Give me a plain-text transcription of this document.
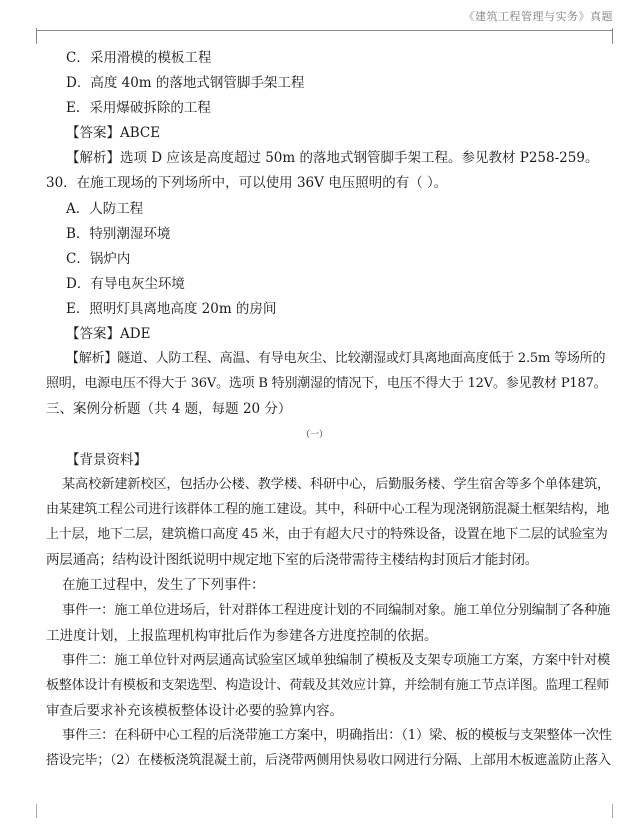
《建筑工程管理与实务》真题
C．采用滑模的模板工程
D．高度 40m 的落地式钢管脚手架工程
E．采用爆破拆除的工程
【答案】ABCE
【解析】选项 D 应该是高度超过 50m 的落地式钢管脚手架工程。参见教材 P258-259。
30．在施工现场的下列场所中，可以使用 36V 电压照明的有（ ）。
A．人防工程
B．特别潮湿环境
C．锅炉内
D．有导电灰尘环境
E．照明灯具离地高度 20m 的房间
【答案】ADE
【解析】隧道、人防工程、高温、有导电灰尘、比较潮湿或灯具离地面高度低于 2.5m 等场所的
照明，电源电压不得大于 36V。选项 B 特别潮湿的情况下，电压不得大于 12V。参见教材 P187。
三、案例分析题（共 4 题，每题 20 分）
（一）
【背景资料】
某高校新建新校区，包括办公楼、教学楼、科研中心，后勤服务楼、学生宿舍等多个单体建筑，
由某建筑工程公司进行该群体工程的施工建设。其中，科研中心工程为现浇钢筋混凝土框架结构，地
上十层，地下二层，建筑檐口高度 45 米，由于有超大尺寸的特殊设备，设置在地下二层的试验室为
两层通高；结构设计图纸说明中规定地下室的后浇带需待主楼结构封顶后才能封闭。
在施工过程中，发生了下列事件：
事件一：施工单位进场后，针对群体工程进度计划的不同编制对象。施工单位分别编制了各种施
工进度计划，上报监理机构审批后作为参建各方进度控制的依据。
事件二：施工单位针对两层通高试验室区域单独编制了模板及支架专项施工方案，方案中针对模
板整体设计有模板和支架选型、构造设计、荷载及其效应计算，并绘制有施工节点详图。监理工程师
审查后要求补充该模板整体设计必要的验算内容。
事件三：在科研中心工程的后浇带施工方案中，明确指出：（1）梁、板的模板与支架整体一次性
搭设完毕；（2）在楼板浇筑混凝土前，后浇带两侧用快易收口网进行分隔、上部用木板遮盖防止落入
